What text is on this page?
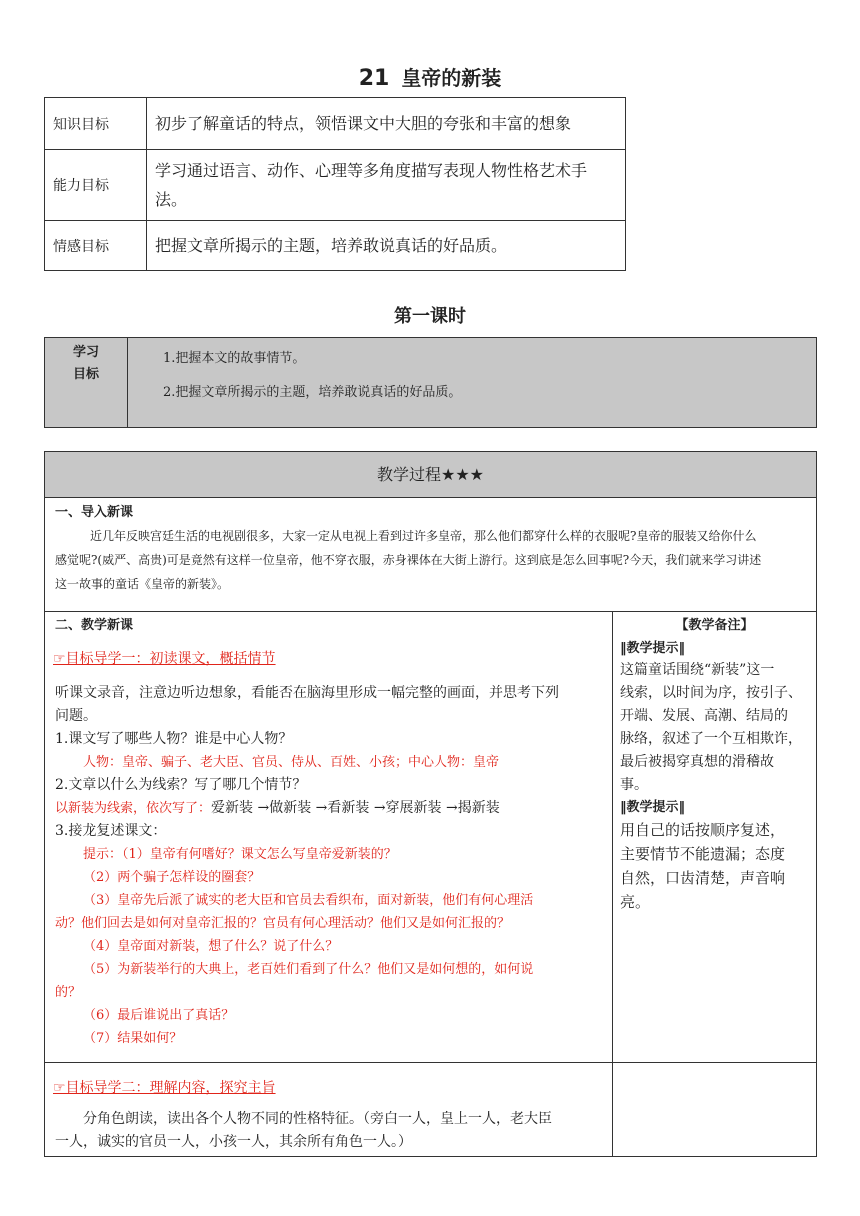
21 皇帝的新装
知识目标	初步了解童话的特点，领悟课文中大胆的夸张和丰富的想象
能力目标	学习通过语言、动作、心理等多角度描写表现人物性格艺术手法。
情感目标	把握文章所揭示的主题，培养敢说真话的好品质。
第一课时
学习
目标
1.把握本文的故事情节。
2.把握文章所揭示的主题，培养敢说真话的好品质。
教学过程★★★
一、导入新课
近几年反映宫廷生活的电视剧很多，大家一定从电视上看到过许多皇帝，那么他们都穿什么样的衣服呢?皇帝的服装又给你什么
感觉呢?(威严、高贵)可是竟然有这样一位皇帝，他不穿衣服，赤身裸体在大街上游行。这到底是怎么回事呢?今天，我们就来学习讲述
这一故事的童话《皇帝的新装》。
二、教学新课
☞目标导学一：初读课文，概括情节
听课文录音，注意边听边想象，看能否在脑海里形成一幅完整的画面，并思考下列
问题。
1.课文写了哪些人物？谁是中心人物？
人物：皇帝、骗子、老大臣、官员、侍从、百姓、小孩；中心人物：皇帝
2.文章以什么为线索？写了哪几个情节？
以新装为线索，依次写了：爱新装 →做新装 →看新装 →穿展新装 →揭新装
3.接龙复述课文：
提示：（1）皇帝有何嗜好？课文怎么写皇帝爱新装的？
（2）两个骗子怎样设的圈套？
（3）皇帝先后派了诚实的老大臣和官员去看织布，面对新装，他们有何心理活
动？他们回去是如何对皇帝汇报的？官员有何心理活动？他们又是如何汇报的？
（4）皇帝面对新装，想了什么？说了什么？
（5）为新装举行的大典上，老百姓们看到了什么？他们又是如何想的，如何说
的？
（6）最后谁说出了真话？
（7）结果如何？
【教学备注】
‖教学提示‖
这篇童话围绕“新装”这一
线索，以时间为序，按引子、
开端、发展、高潮、结局的
脉络，叙述了一个互相欺诈，
最后被揭穿真想的滑稽故
事。
‖教学提示‖
用自己的话按顺序复述，
主要情节不能遗漏；态度
自然，口齿清楚，声音响
亮。
☞目标导学二：理解内容，探究主旨
分角色朗读，读出各个人物不同的性格特征。（旁白一人，皇上一人，老大臣
一人，诚实的官员一人，小孩一人，其余所有角色一人。）
